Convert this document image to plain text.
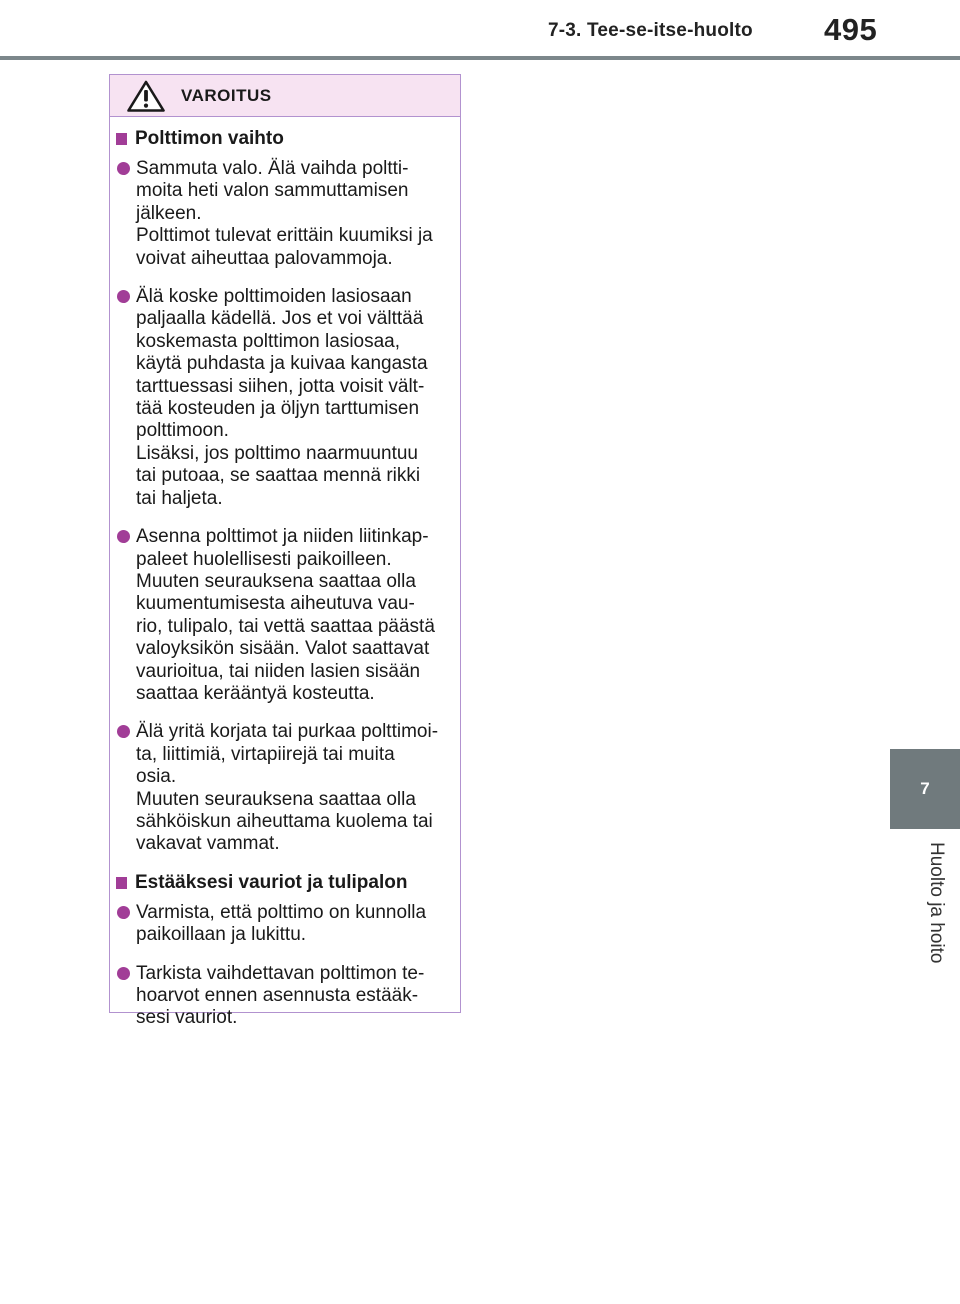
7-3. Tee-se-itse-huolto 495
7
Huolto ja hoito
VAROITUS
Polttimon vaihto
Sammuta valo. Älä vaihda poltti-
moita heti valon sammuttamisen
jälkeen.
Polttimot tulevat erittäin kuumiksi ja
voivat aiheuttaa palovammoja.
Älä koske polttimoiden lasiosaan
paljaalla kädellä. Jos et voi välttää
koskemasta polttimon lasiosaa,
käytä puhdasta ja kuivaa kangasta
tarttuessasi siihen, jotta voisit vält-
tää kosteuden ja öljyn tarttumisen
polttimoon.
Lisäksi, jos polttimo naarmuuntuu
tai putoaa, se saattaa mennä rikki
tai haljeta.
Asenna polttimot ja niiden liitinkap-
paleet huolellisesti paikoilleen.
Muuten seurauksena saattaa olla
kuumentumisesta aiheutuva vau-
rio, tulipalo, tai vettä saattaa päästä
valoyksikön sisään. Valot saattavat
vaurioitua, tai niiden lasien sisään
saattaa kerääntyä kosteutta.
Älä yritä korjata tai purkaa polttimoi-
ta, liittimiä, virtapiirejä tai muita
osia.
Muuten seurauksena saattaa olla
sähköiskun aiheuttama kuolema tai
vakavat vammat.
Estääksesi vauriot ja tulipalon
Varmista, että polttimo on kunnolla
paikoillaan ja lukittu.
Tarkista vaihdettavan polttimon te-
hoarvot ennen asennusta estääk-
sesi vauriot.
